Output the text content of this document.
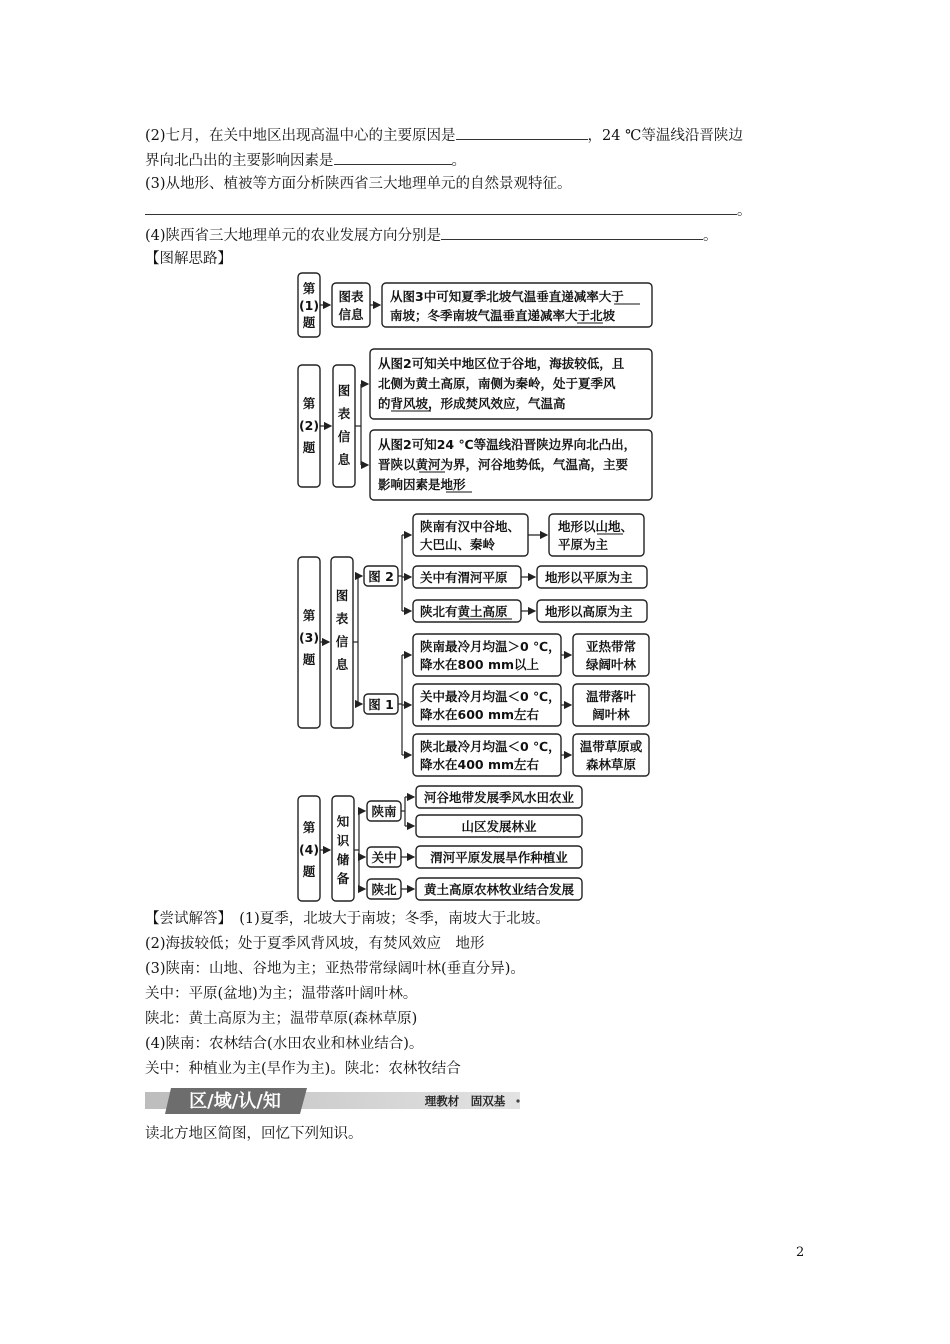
(2)七月，在关中地区出现高温中心的主要原因是	，24 ℃等温线沿晋陕边
界向北凸出的主要影响因素是	。
(3)从地形、植被等方面分析陕西省三大地理单元的自然景观特征。
。
(4)陕西省三大地理单元的农业发展方向分别是	。
【图解思路】
第
(1)
题
图表
信息
从图3中可知夏季北坡气温垂直递减率大于
南坡；冬季南坡气温垂直递减率大于北坡
第
(2)
题
图
表
信
息
从图2可知关中地区位于谷地，海拔较低，且
北侧为黄土高原，南侧为秦岭，处于夏季风
的背风坡，形成焚风效应，气温高
从图2可知24 ℃等温线沿晋陕边界向北凸出，
晋陕以黄河为界，河谷地势低，气温高，主要
影响因素是地形
第
(3)
题
图
表
信
息
图 2
图 1
陕南有汉中谷地、
大巴山、秦岭
地形以山地、
平原为主
关中有渭河平原	地形以平原为主
陕北有黄土高原	地形以高原为主
陕南最冷月均温＞0 ℃，
降水在800 mm以上
亚热带常
绿阔叶林
关中最冷月均温＜0 ℃，
降水在600 mm左右
温带落叶
阔叶林
陕北最冷月均温＜0 ℃，
降水在400 mm左右
温带草原或
森林草原
第
(4)
题
知
识
储
备
陕南
关中
陕北
河谷地带发展季风水田农业
山区发展林业
渭河平原发展旱作种植业
黄土高原农林牧业结合发展
【尝试解答】　 (1)夏季，北坡大于南坡；冬季，南坡大于北坡。
(2)海拔较低；处于夏季风背风坡，有焚风效应　地形
(3)陕南：山地、谷地为主；亚热带常绿阔叶林(垂直分异)。
关中：平原(盆地)为主；温带落叶阔叶林。
陕北：黄土高原为主；温带草原(森林草原)
(4)陕南：农林结合(水田农业和林业结合)。
关中：种植业为主(旱作为主)。陕北：农林牧结合
区/域/认/知	理教材　固双基
读北方地区简图，回忆下列知识。
2
